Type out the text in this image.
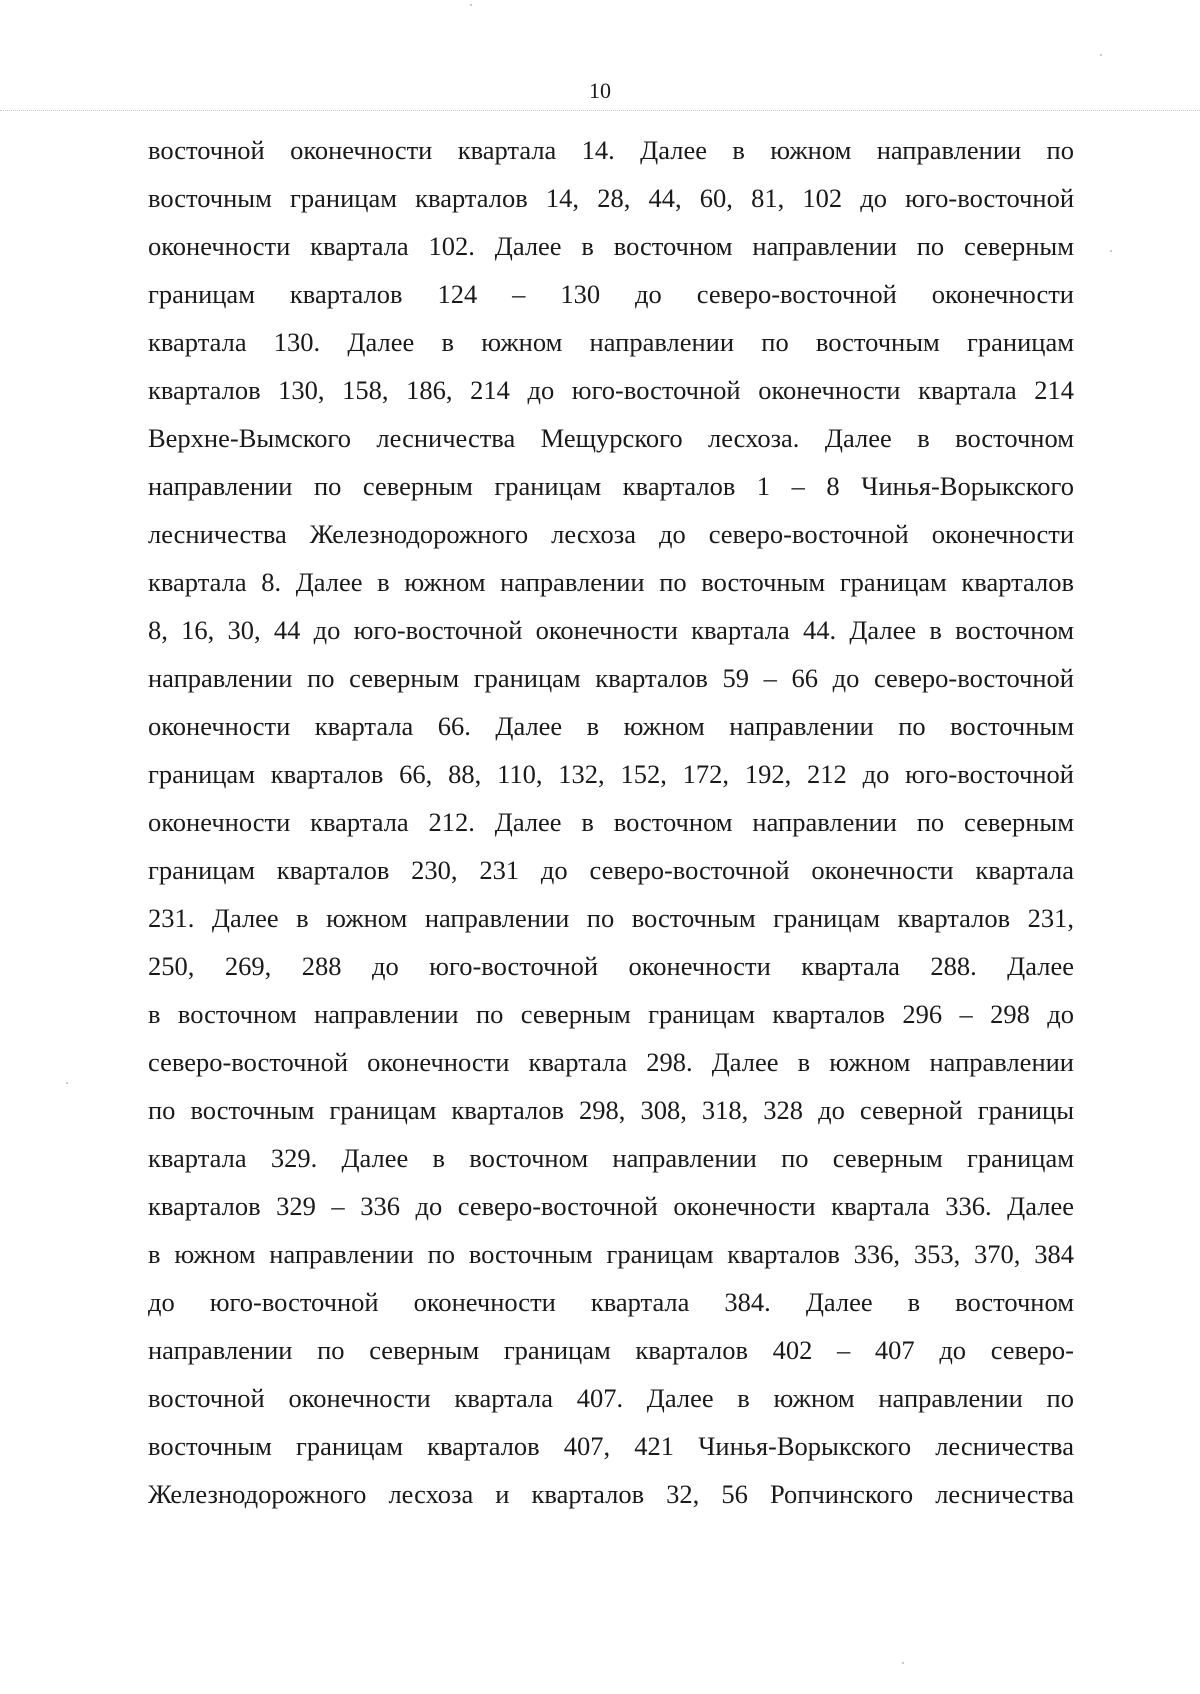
10
восточной оконечности квартала 14. Далее в южном направлении по
восточным границам кварталов 14, 28, 44, 60, 81, 102 до юго-восточной
оконечности квартала 102. Далее в восточном направлении по северным
границам кварталов 124 – 130 до северо-восточной оконечности
квартала 130. Далее в южном направлении по восточным границам
кварталов 130, 158, 186, 214 до юго-восточной оконечности квартала 214
Верхне-Вымского лесничества Мещурского лесхоза. Далее в восточном
направлении по северным границам кварталов 1 – 8 Чинья-Ворыкского
лесничества Железнодорожного лесхоза до северо-восточной оконечности
квартала 8. Далее в южном направлении по восточным границам кварталов
8, 16, 30, 44 до юго-восточной оконечности квартала 44. Далее в восточном
направлении по северным границам кварталов 59 – 66 до северо-восточной
оконечности квартала 66. Далее в южном направлении по восточным
границам кварталов 66, 88, 110, 132, 152, 172, 192, 212 до юго-восточной
оконечности квартала 212. Далее в восточном направлении по северным
границам кварталов 230, 231 до северо-восточной оконечности квартала
231. Далее в южном направлении по восточным границам кварталов 231,
250, 269, 288 до юго-восточной оконечности квартала 288. Далее
в восточном направлении по северным границам кварталов 296 – 298 до
северо-восточной оконечности квартала 298. Далее в южном направлении
по восточным границам кварталов 298, 308, 318, 328 до северной границы
квартала 329. Далее в восточном направлении по северным границам
кварталов 329 – 336 до северо-восточной оконечности квартала 336. Далее
в южном направлении по восточным границам кварталов 336, 353, 370, 384
до юго-восточной оконечности квартала 384. Далее в восточном
направлении по северным границам кварталов 402 – 407 до северо-
восточной оконечности квартала 407. Далее в южном направлении по
восточным границам кварталов 407, 421 Чинья-Ворыкского лесничества
Железнодорожного лесхоза и кварталов 32, 56 Ропчинского лесничества
